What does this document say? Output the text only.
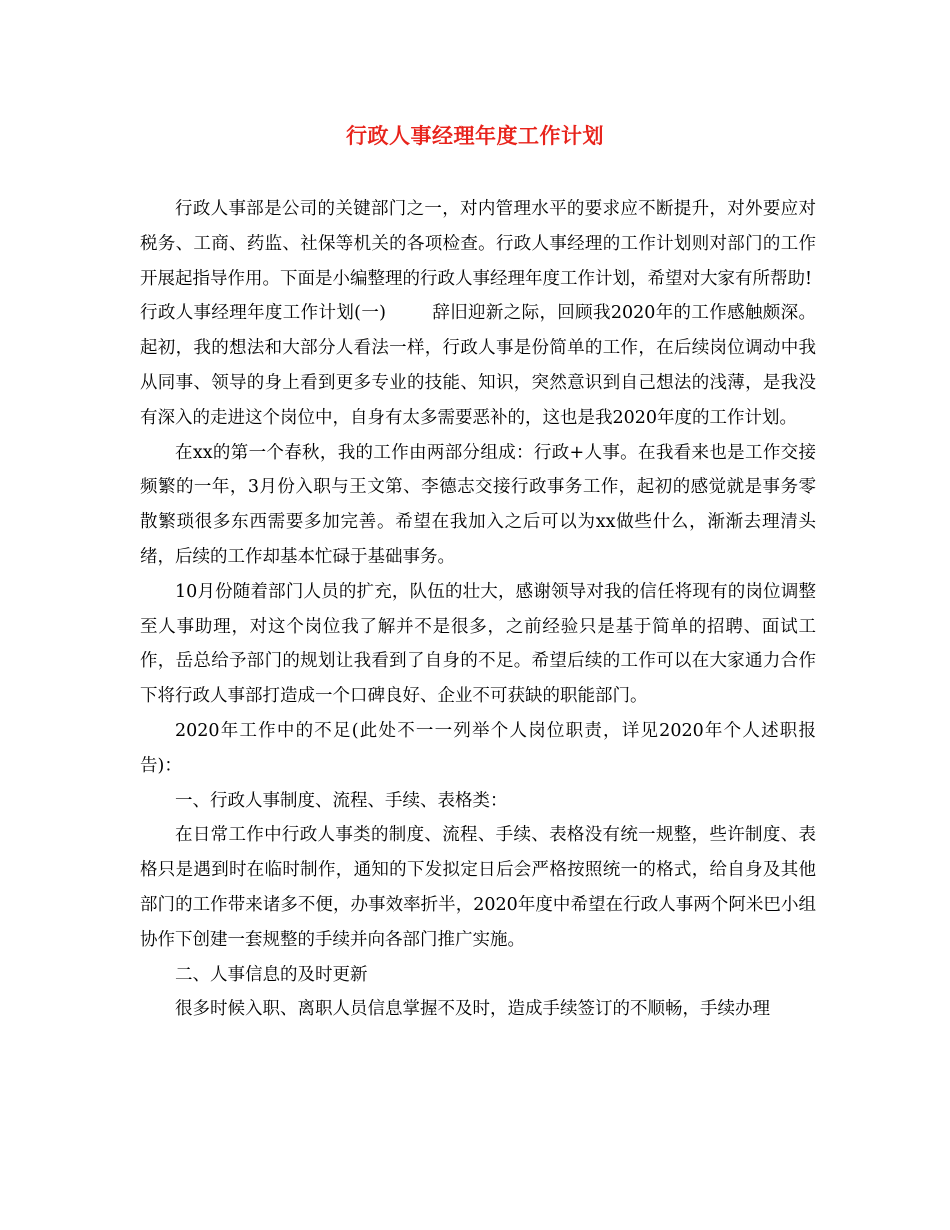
行政人事经理年度工作计划

行政人事部是公司的关键部门之一，对内管理水平的要求应不断提升，对外要应对税务、工商、药监、社保等机关的各项检查。行政人事经理的工作计划则对部门的工作开展起指导作用。下面是小编整理的行政人事经理年度工作计划，希望对大家有所帮助!

行政人事经理年度工作计划(一)	辞旧迎新之际，回顾我2020年的工作感触颇深。起初，我的想法和大部分人看法一样，行政人事是份简单的工作，在后续岗位调动中我从同事、领导的身上看到更多专业的技能、知识，突然意识到自己想法的浅薄，是我没有深入的走进这个岗位中，自身有太多需要恶补的，这也是我2020年度的工作计划。

在xx的第一个春秋，我的工作由两部分组成：行政+人事。在我看来也是工作交接频繁的一年，3月份入职与王文第、李德志交接行政事务工作，起初的感觉就是事务零散繁琐很多东西需要多加完善。希望在我加入之后可以为xx做些什么，渐渐去理清头绪，后续的工作却基本忙碌于基础事务。

10月份随着部门人员的扩充，队伍的壮大，感谢领导对我的信任将现有的岗位调整至人事助理，对这个岗位我了解并不是很多，之前经验只是基于简单的招聘、面试工作，岳总给予部门的规划让我看到了自身的不足。希望后续的工作可以在大家通力合作下将行政人事部打造成一个口碑良好、企业不可获缺的职能部门。

2020年工作中的不足(此处不一一列举个人岗位职责，详见2020年个人述职报告)：

一、行政人事制度、流程、手续、表格类：

在日常工作中行政人事类的制度、流程、手续、表格没有统一规整，些许制度、表格只是遇到时在临时制作，通知的下发拟定日后会严格按照统一的格式，给自身及其他部门的工作带来诸多不便，办事效率折半，2020年度中希望在行政人事两个阿米巴小组协作下创建一套规整的手续并向各部门推广实施。

二、人事信息的及时更新

很多时候入职、离职人员信息掌握不及时，造成手续签订的不顺畅，手续办理
